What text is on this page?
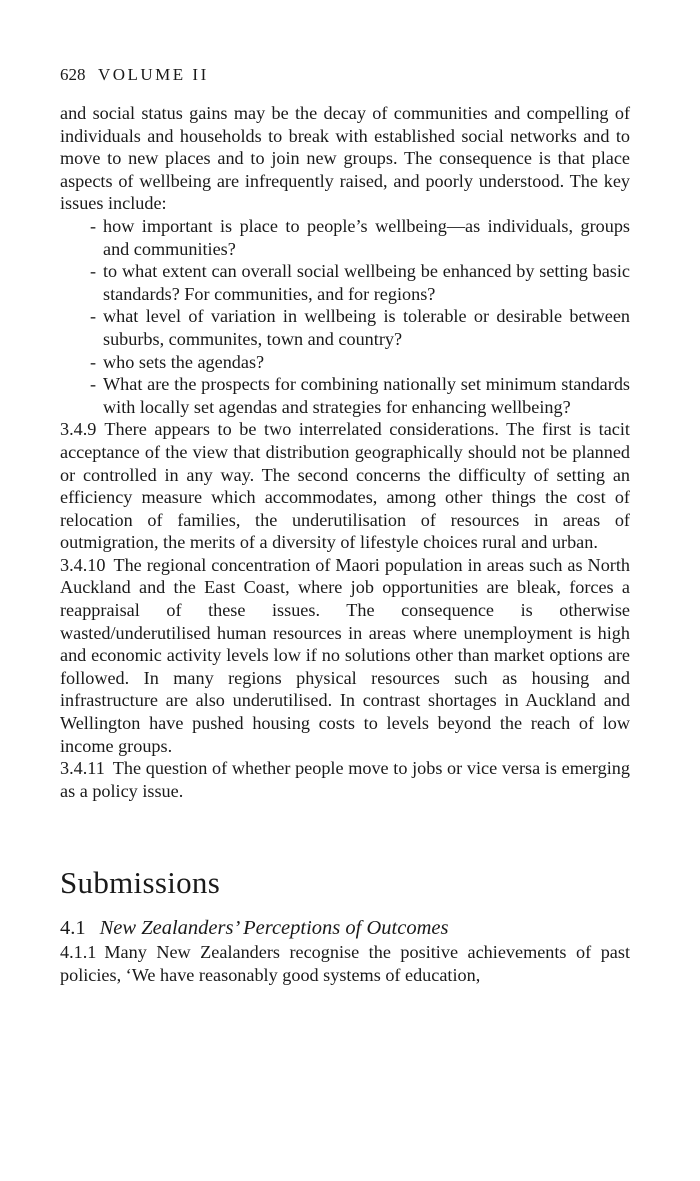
628 VOLUME II

and social status gains may be the decay of communities and compelling of individuals and households to break with established social networks and to move to new places and to join new groups. The consequence is that place aspects of wellbeing are infrequently raised, and poorly understood. The key issues include:

- how important is place to people’s wellbeing—as individuals, groups and communities?
- to what extent can overall social wellbeing be enhanced by setting basic standards? For communities, and for regions?
- what level of variation in wellbeing is tolerable or desirable between suburbs, communites, town and country?
- who sets the agendas?
- What are the prospects for combining nationally set minimum standards with locally set agendas and strategies for enhancing wellbeing?

3.4.9 There appears to be two interrelated considerations. The first is tacit acceptance of the view that distribution geographically should not be planned or controlled in any way. The second concerns the difficulty of setting an efficiency measure which accommodates, among other things the cost of relocation of families, the underutilisation of resources in areas of outmigration, the merits of a diversity of lifestyle choices rural and urban.

3.4.10 The regional concentration of Maori population in areas such as North Auckland and the East Coast, where job opportunities are bleak, forces a reappraisal of these issues. The consequence is otherwise wasted/underutilised human resources in areas where unemployment is high and economic activity levels low if no solutions other than market options are followed. In many regions physical resources such as housing and infrastructure are also underutilised. In contrast shortages in Auckland and Wellington have pushed housing costs to levels beyond the reach of low income groups.

3.4.11 The question of whether people move to jobs or vice versa is emerging as a policy issue.

Submissions
4.1 New Zealanders’ Perceptions of Outcomes

4.1.1 Many New Zealanders recognise the positive achievements of past policies, ‘We have reasonably good systems of education,
